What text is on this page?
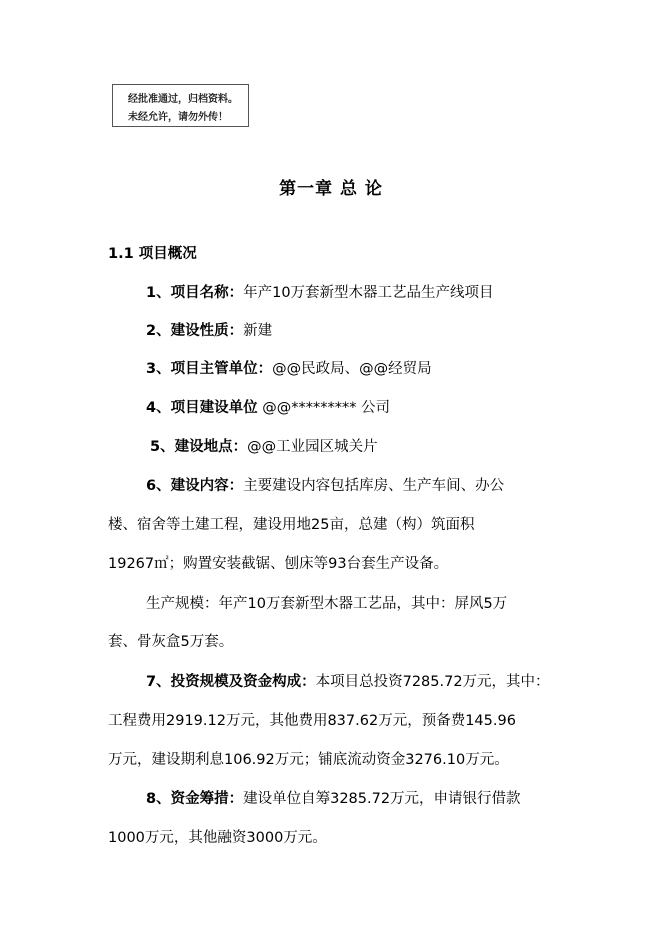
经批准通过，归档资料。
未经允许，请勿外传！
第一章 总 论
1.1 项目概况
1、项目名称：年产10万套新型木器工艺品生产线项目
2、建设性质：新建
3、项目主管单位：@@民政局、@@经贸局
4、项目建设单位 @@********* 公司
5、建设地点：@@工业园区城关片
6、建设内容：主要建设内容包括库房、生产车间、办公
楼、宿舍等土建工程，建设用地25亩，总建（构）筑面积
19267㎡；购置安装截锯、刨床等93台套生产设备。
生产规模：年产10万套新型木器工艺品，其中：屏风5万
套、骨灰盒5万套。
7、投资规模及资金构成：本项目总投资7285.72万元，其中：
工程费用2919.12万元，其他费用837.62万元，预备费145.96
万元，建设期利息106.92万元；铺底流动资金3276.10万元。
8、资金筹措：建设单位自筹3285.72万元，申请银行借款
1000万元，其他融资3000万元。
